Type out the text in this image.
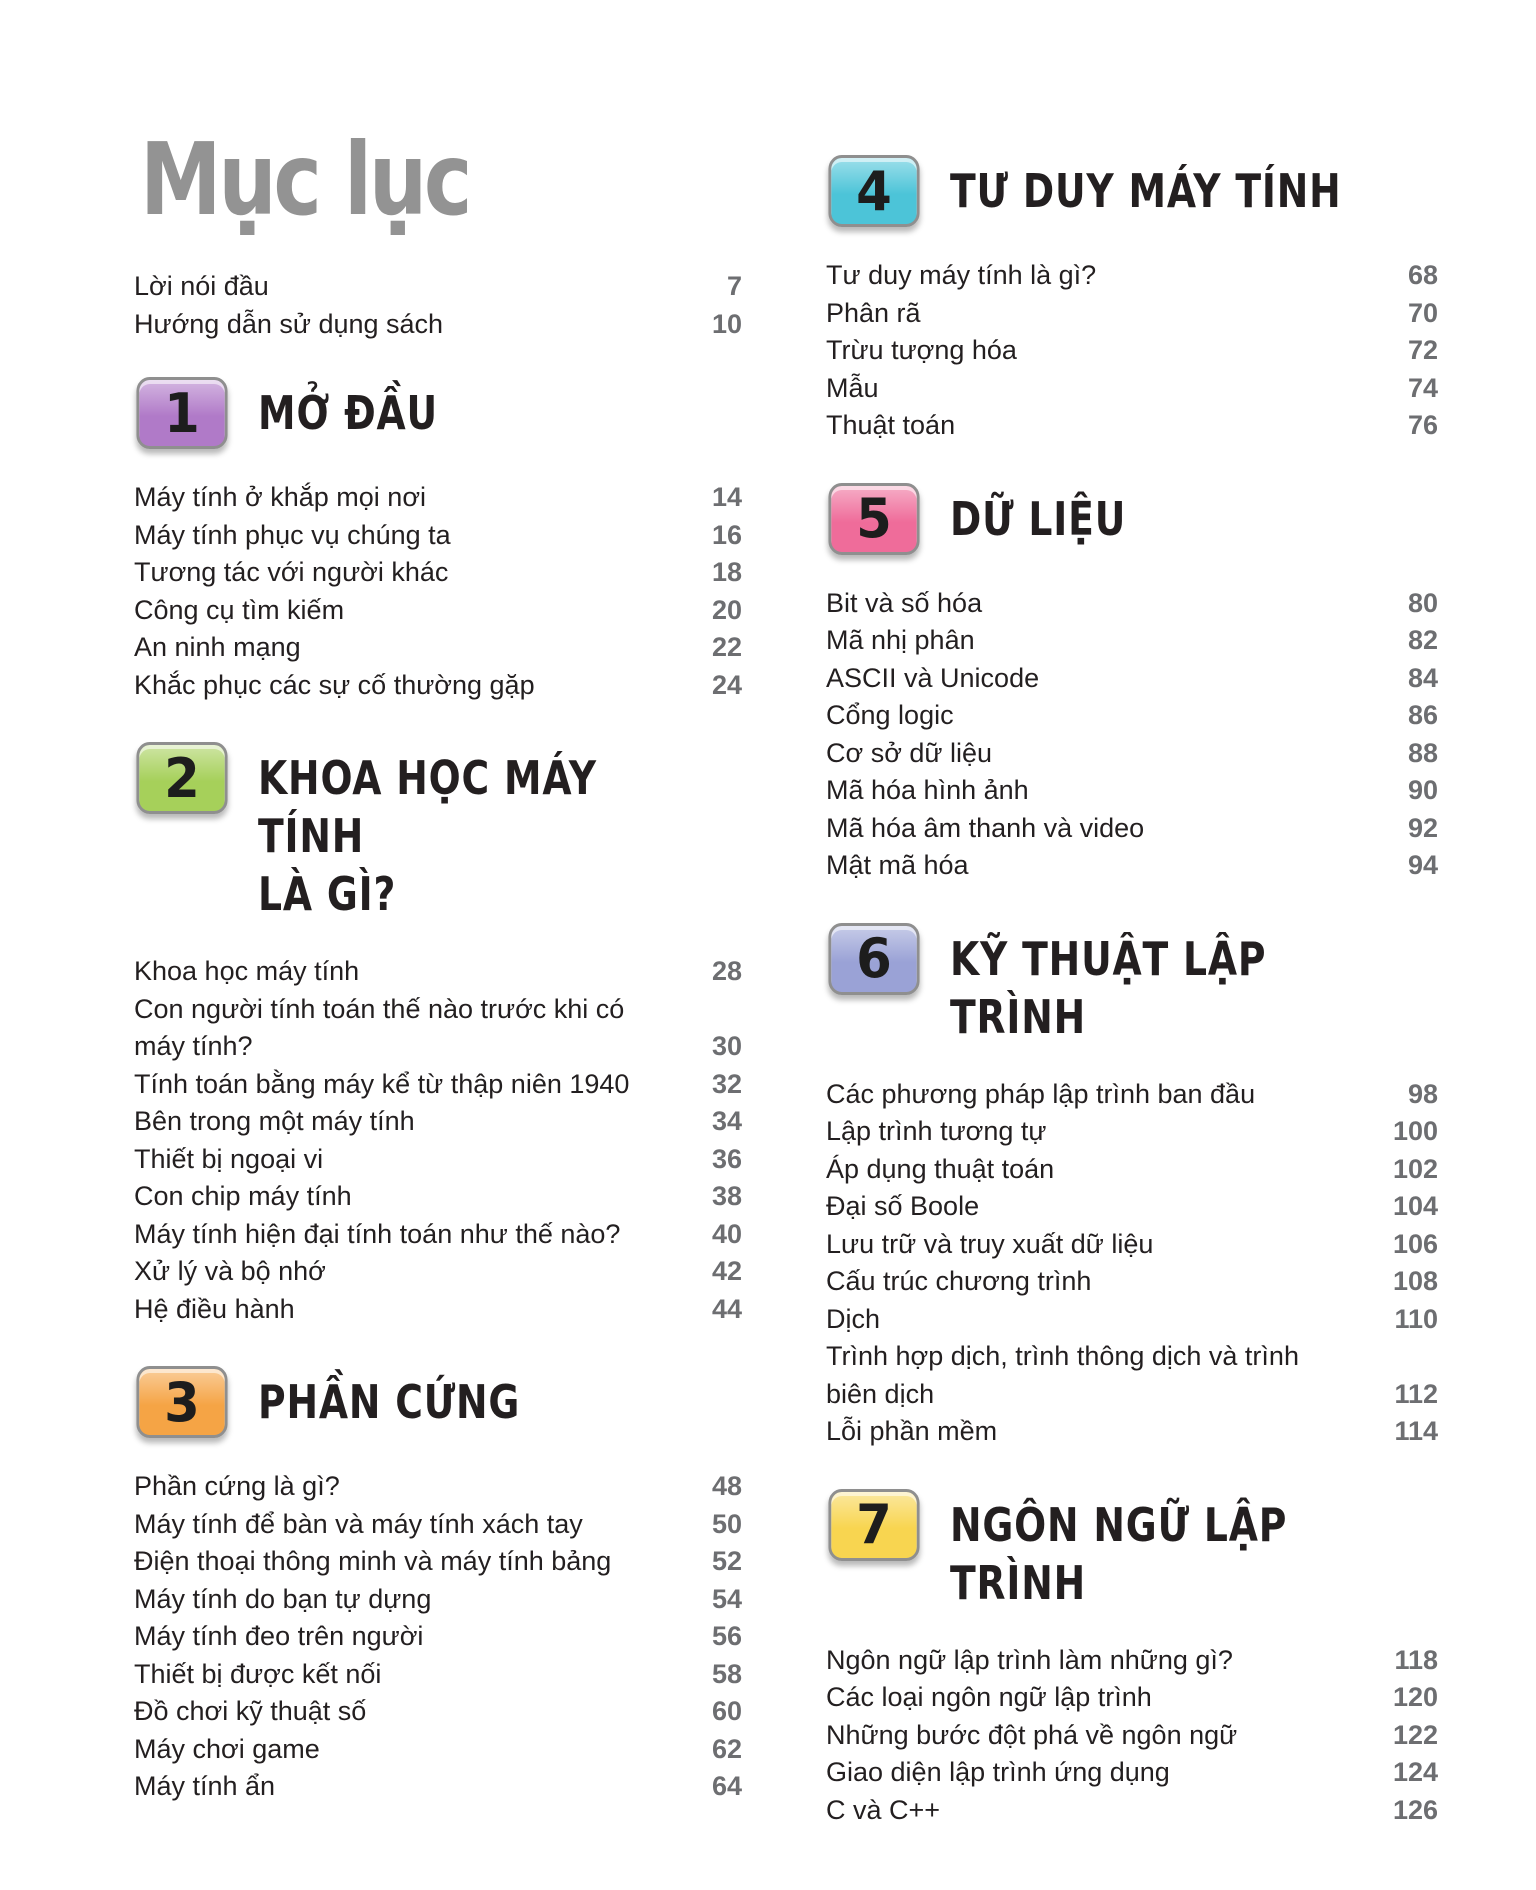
Mục lục
Lời nói đầu	7
Hướng dẫn sử dụng sách	10
1	MỞ ĐẦU
Máy tính ở khắp mọi nơi	14
Máy tính phục vụ chúng ta	16
Tương tác với người khác	18
Công cụ tìm kiếm	20
An ninh mạng	22
Khắc phục các sự cố thường gặp	24
2	KHOA HỌC MÁY TÍNH
LÀ GÌ?
Khoa học máy tính	28
Con người tính toán thế nào trước khi có máy tính?	30
Tính toán bằng máy kể từ thập niên 1940	32
Bên trong một máy tính	34
Thiết bị ngoại vi	36
Con chip máy tính	38
Máy tính hiện đại tính toán như thế nào?	40
Xử lý và bộ nhớ	42
Hệ điều hành	44
3	PHẦN CỨNG
Phần cứng là gì?	48
Máy tính để bàn và máy tính xách tay	50
Điện thoại thông minh và máy tính bảng	52
Máy tính do bạn tự dựng	54
Máy tính đeo trên người	56
Thiết bị được kết nối	58
Đồ chơi kỹ thuật số	60
Máy chơi game	62
Máy tính ẩn	64
4	TƯ DUY MÁY TÍNH
Tư duy máy tính là gì?	68
Phân rã	70
Trừu tượng hóa	72
Mẫu	74
Thuật toán	76
5	DỮ LIỆU
Bit và số hóa	80
Mã nhị phân	82
ASCII và Unicode	84
Cổng logic	86
Cơ sở dữ liệu	88
Mã hóa hình ảnh	90
Mã hóa âm thanh và video	92
Mật mã hóa	94
6	KỸ THUẬT LẬP TRÌNH
Các phương pháp lập trình ban đầu	98
Lập trình tương tự	100
Áp dụng thuật toán	102
Đại số Boole	104
Lưu trữ và truy xuất dữ liệu	106
Cấu trúc chương trình	108
Dịch	110
Trình hợp dịch, trình thông dịch và trình biên dịch	112
Lỗi phần mềm	114
7	NGÔN NGỮ LẬP TRÌNH
Ngôn ngữ lập trình làm những gì?	118
Các loại ngôn ngữ lập trình	120
Những bước đột phá về ngôn ngữ	122
Giao diện lập trình ứng dụng	124
C và C++	126
